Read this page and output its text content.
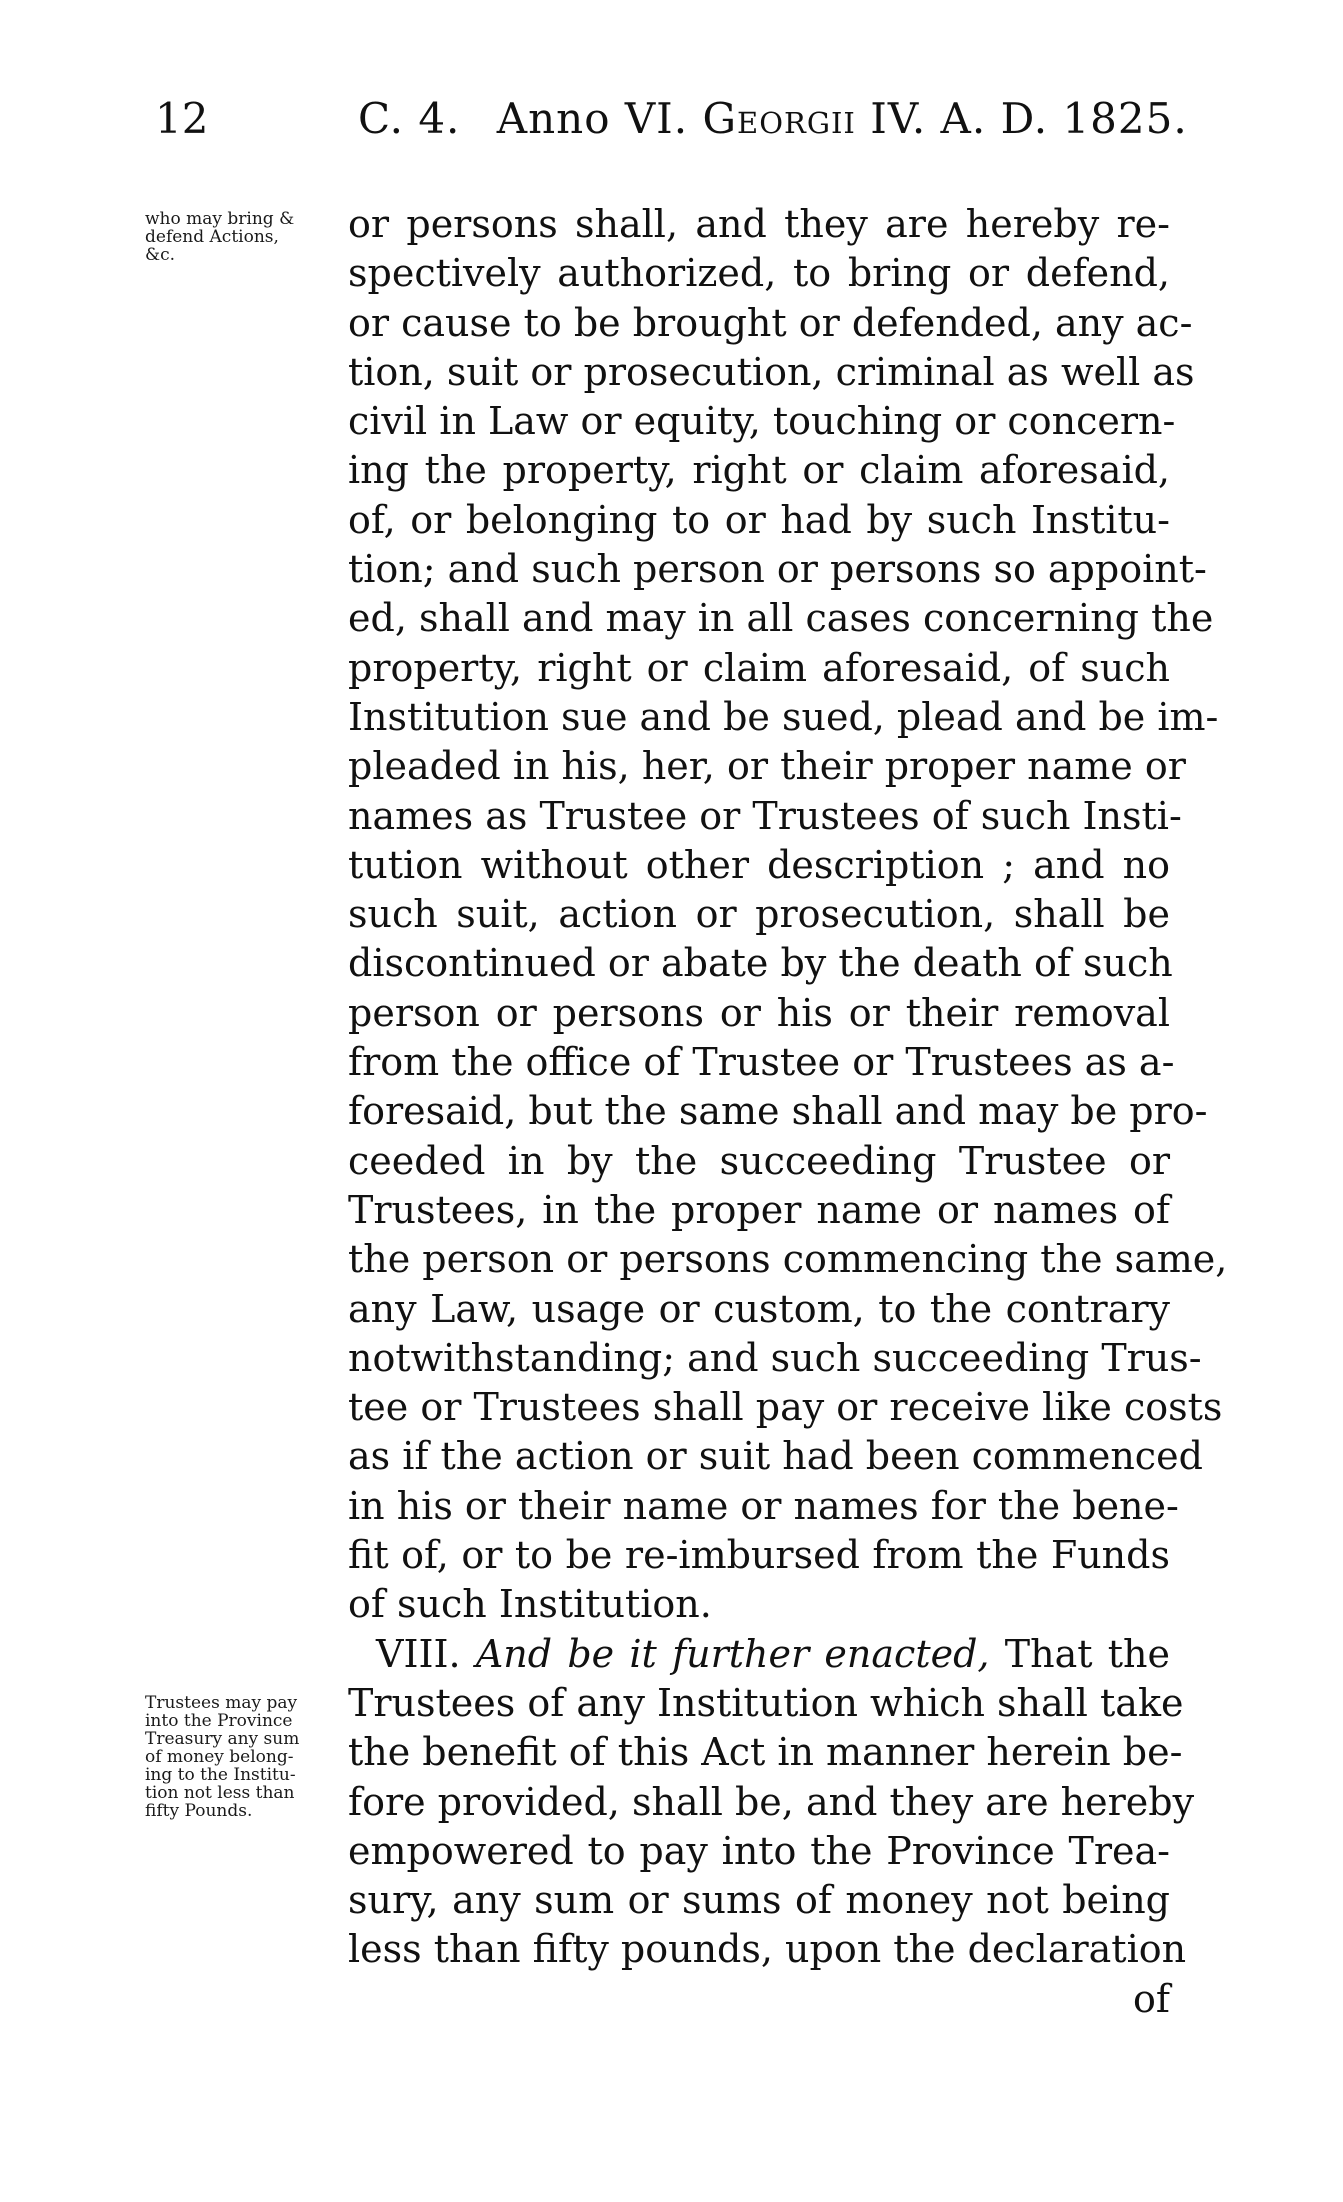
12	C. 4. Anno VI. Georgii IV. A. D. 1825.
who may bring &
defend Actions,
&c.
Trustees may pay
into the Province
Treasury any sum
of money belong-
ing to the Institu-
tion not less than
fifty Pounds.
or persons shall, and they are hereby re-
spectively authorized, to bring or defend,
or cause to be brought or defended, any ac-
tion, suit or prosecution, criminal as well as
civil in Law or equity, touching or concern-
ing the property, right or claim aforesaid,
of, or belonging to or had by such Institu-
tion; and such person or persons so appoint-
ed, shall and may in all cases concerning the
property, right or claim aforesaid, of such
Institution sue and be sued, plead and be im-
pleaded in his, her, or their proper name or
names as Trustee or Trustees of such Insti-
tution without other description ; and no
such suit, action or prosecution, shall be
discontinued or abate by the death of such
person or persons or his or their removal
from the office of Trustee or Trustees as a-
foresaid, but the same shall and may be pro-
ceeded in by the succeeding Trustee or
Trustees, in the proper name or names of
the person or persons commencing the same,
any Law, usage or custom, to the contrary
notwithstanding; and such succeeding Trus-
tee or Trustees shall pay or receive like costs
as if the action or suit had been commenced
in his or their name or names for the bene-
fit of, or to be re-imbursed from the Funds
of such Institution.
VIII. And be it further enacted, That the
Trustees of any Institution which shall take
the benefit of this Act in manner herein be-
fore provided, shall be, and they are hereby
empowered to pay into the Province Trea-
sury, any sum or sums of money not being
less than fifty pounds, upon the declaration
of
